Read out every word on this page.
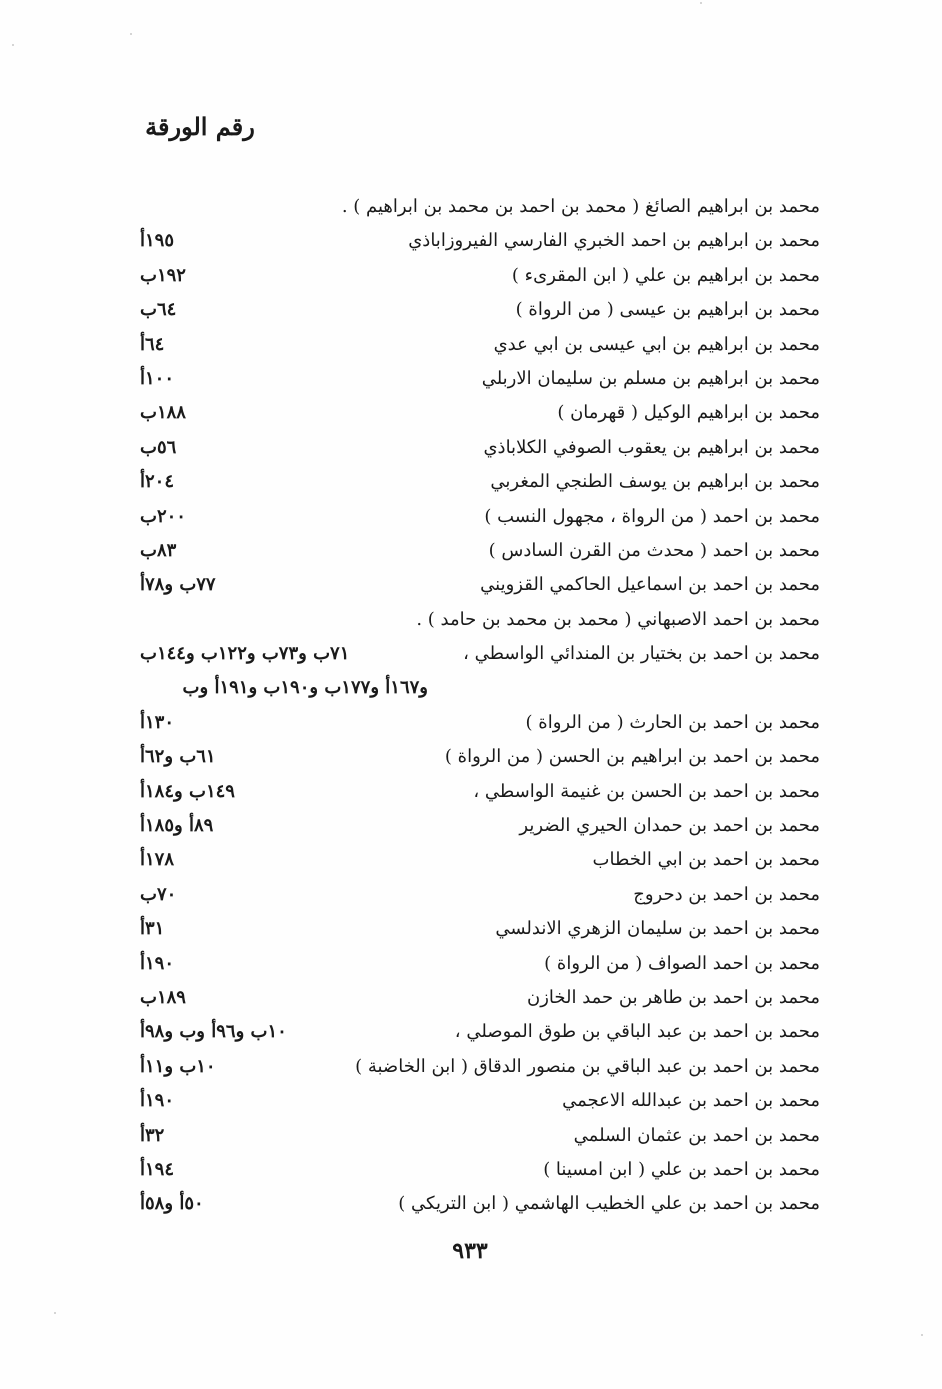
رقم الورقة
محمد بن ابراهيم الصائغ ( محمد بن احمد بن محمد بن ابراهيم ) .
محمد بن ابراهيم بن احمد الخبري الفارسي الفيروزاباذي
١٩٥أ
محمد بن ابراهيم بن علي ( ابن المقرىء )
١٩٢ب
محمد بن ابراهيم بن عيسى ( من الرواة )
٦٤ب
محمد بن ابراهيم بن ابي عيسى بن ابي عدي
٦٤أ
محمد بن ابراهيم بن مسلم بن سليمان الاربلي
١٠٠أ
محمد بن ابراهيم الوكيل ( قهرمان )
١٨٨ب
محمد بن ابراهيم بن يعقوب الصوفي الكلاباذي
٥٦ب
محمد بن ابراهيم بن يوسف الطنجي المغربي
٢٠٤أ
محمد بن احمد ( من الرواة ، مجهول النسب )
٢٠٠ب
محمد بن احمد ( محدث من القرن السادس )
٨٣ب
محمد بن احمد بن اسماعيل الحاكمي القزويني
٧٧ب و٧٨أ
محمد بن احمد الاصبهاني ( محمد بن محمد بن حامد ) .
محمد بن احمد بن بختيار بن المندائي الواسطي ،
٧١ب و٧٣ب و١٢٢ب و١٤٤ب
و١٦٧أ و١٧٧ب و١٩٠ب و١٩١أ وب
محمد بن احمد بن الحارث ( من الرواة )
١٣٠أ
محمد بن احمد بن ابراهيم بن الحسن ( من الرواة )
٦١ب و٦٢أ
محمد بن احمد بن الحسن بن غنيمة الواسطي ،
١٤٩ب و١٨٤أ
محمد بن احمد بن حمدان الحيري الضرير
٨٩أ و١٨٥أ
محمد بن احمد بن ابي الخطاب
١٧٨أ
محمد بن احمد بن دحروج
٧٠ب
محمد بن احمد بن سليمان الزهري الاندلسي
٣١أ
محمد بن احمد الصواف ( من الرواة )
١٩٠أ
محمد بن احمد بن طاهر بن حمد الخازن
١٨٩ب
محمد بن احمد بن عبد الباقي بن طوق الموصلي ،
١٠ب و٩٦أ وب و٩٨أ
محمد بن احمد بن عبد الباقي بن منصور الدقاق ( ابن الخاضبة )
١٠ب و١١أ
محمد بن احمد بن عبدالله الاعجمي
١٩٠أ
محمد بن احمد بن عثمان السلمي
٣٢أ
محمد بن احمد بن علي ( ابن امسينا )
١٩٤أ
محمد بن احمد بن علي الخطيب الهاشمي ( ابن التريكي )
٥٠أ و٥٨أ
٩٣٣
